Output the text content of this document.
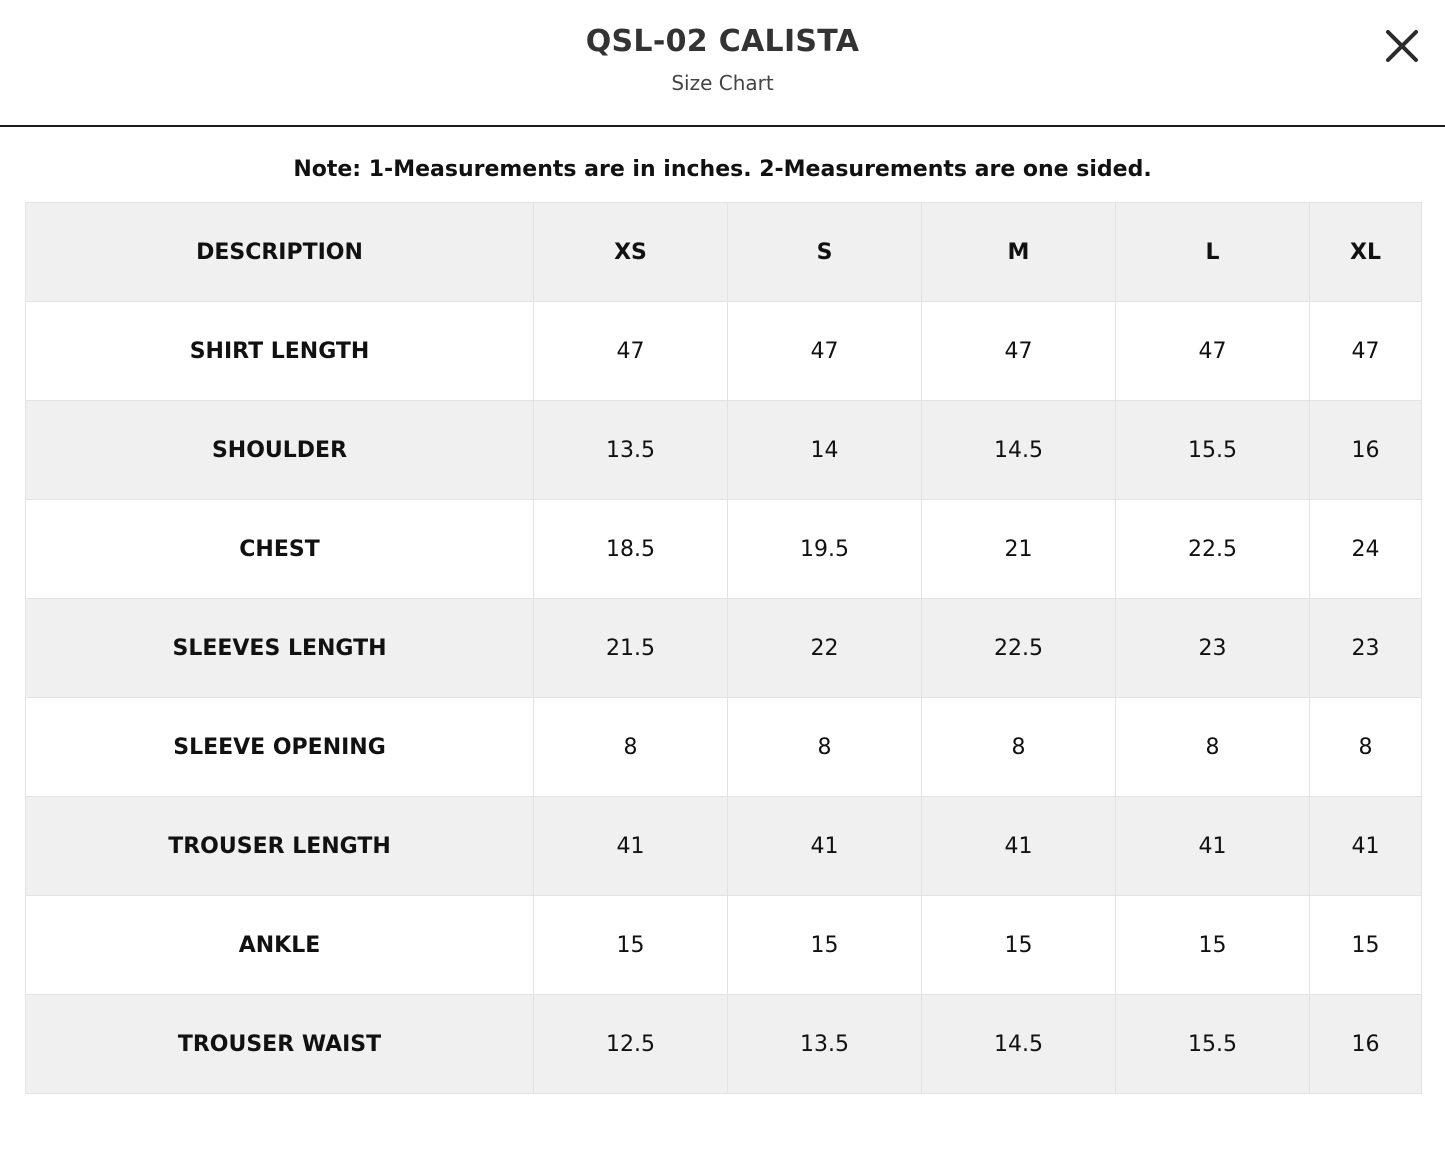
QSL-02 CALISTA
Size Chart
Note: 1-Measurements are in inches. 2-Measurements are one sided.
DESCRIPTION	XS	S	M	L	XL
SHIRT LENGTH	47	47	47	47	47
SHOULDER	13.5	14	14.5	15.5	16
CHEST	18.5	19.5	21	22.5	24
SLEEVES LENGTH	21.5	22	22.5	23	23
SLEEVE OPENING	8	8	8	8	8
TROUSER LENGTH	41	41	41	41	41
ANKLE	15	15	15	15	15
TROUSER WAIST	12.5	13.5	14.5	15.5	16
